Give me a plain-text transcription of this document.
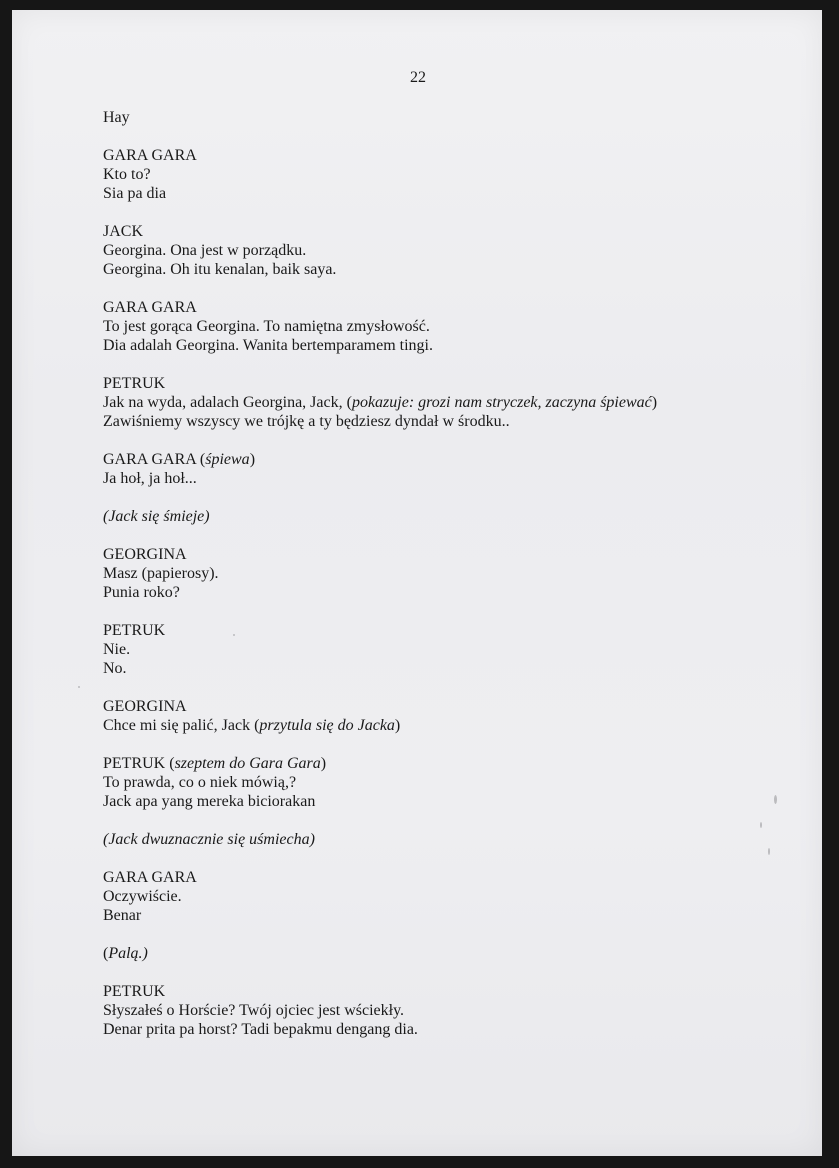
22

Hay

GARA GARA

Kto to?

Sia pa dia

JACK

Georgina. Ona jest w porządku.

Georgina. Oh itu kenalan, baik saya.

GARA GARA

To jest gorąca Georgina. To namiętna zmysłowość.

Dia adalah Georgina. Wanita bertemparamem tingi.

PETRUK

Jak na wyda, adalach Georgina, Jack, (pokazuje: grozi nam stryczek, zaczyna śpiewać)

Zawiśniemy wszyscy we trójkę a ty będziesz dyndał w środku..

GARA GARA (śpiewa)

Ja hoł, ja hoł...

(Jack się śmieje)

GEORGINA

Masz (papierosy).

Punia roko?

PETRUK

Nie.

No.

GEORGINA

Chce mi się palić, Jack (przytula się do Jacka)

PETRUK (szeptem do Gara Gara)

To prawda, co o niek mówią,?

Jack apa yang mereka biciorakan

(Jack dwuznacznie się uśmiecha)

GARA GARA

Oczywiście.

Benar

(Palą.)

PETRUK

Słyszałeś o Horście? Twój ojciec jest wściekły.

Denar prita pa horst? Tadi bepakmu dengang dia.
